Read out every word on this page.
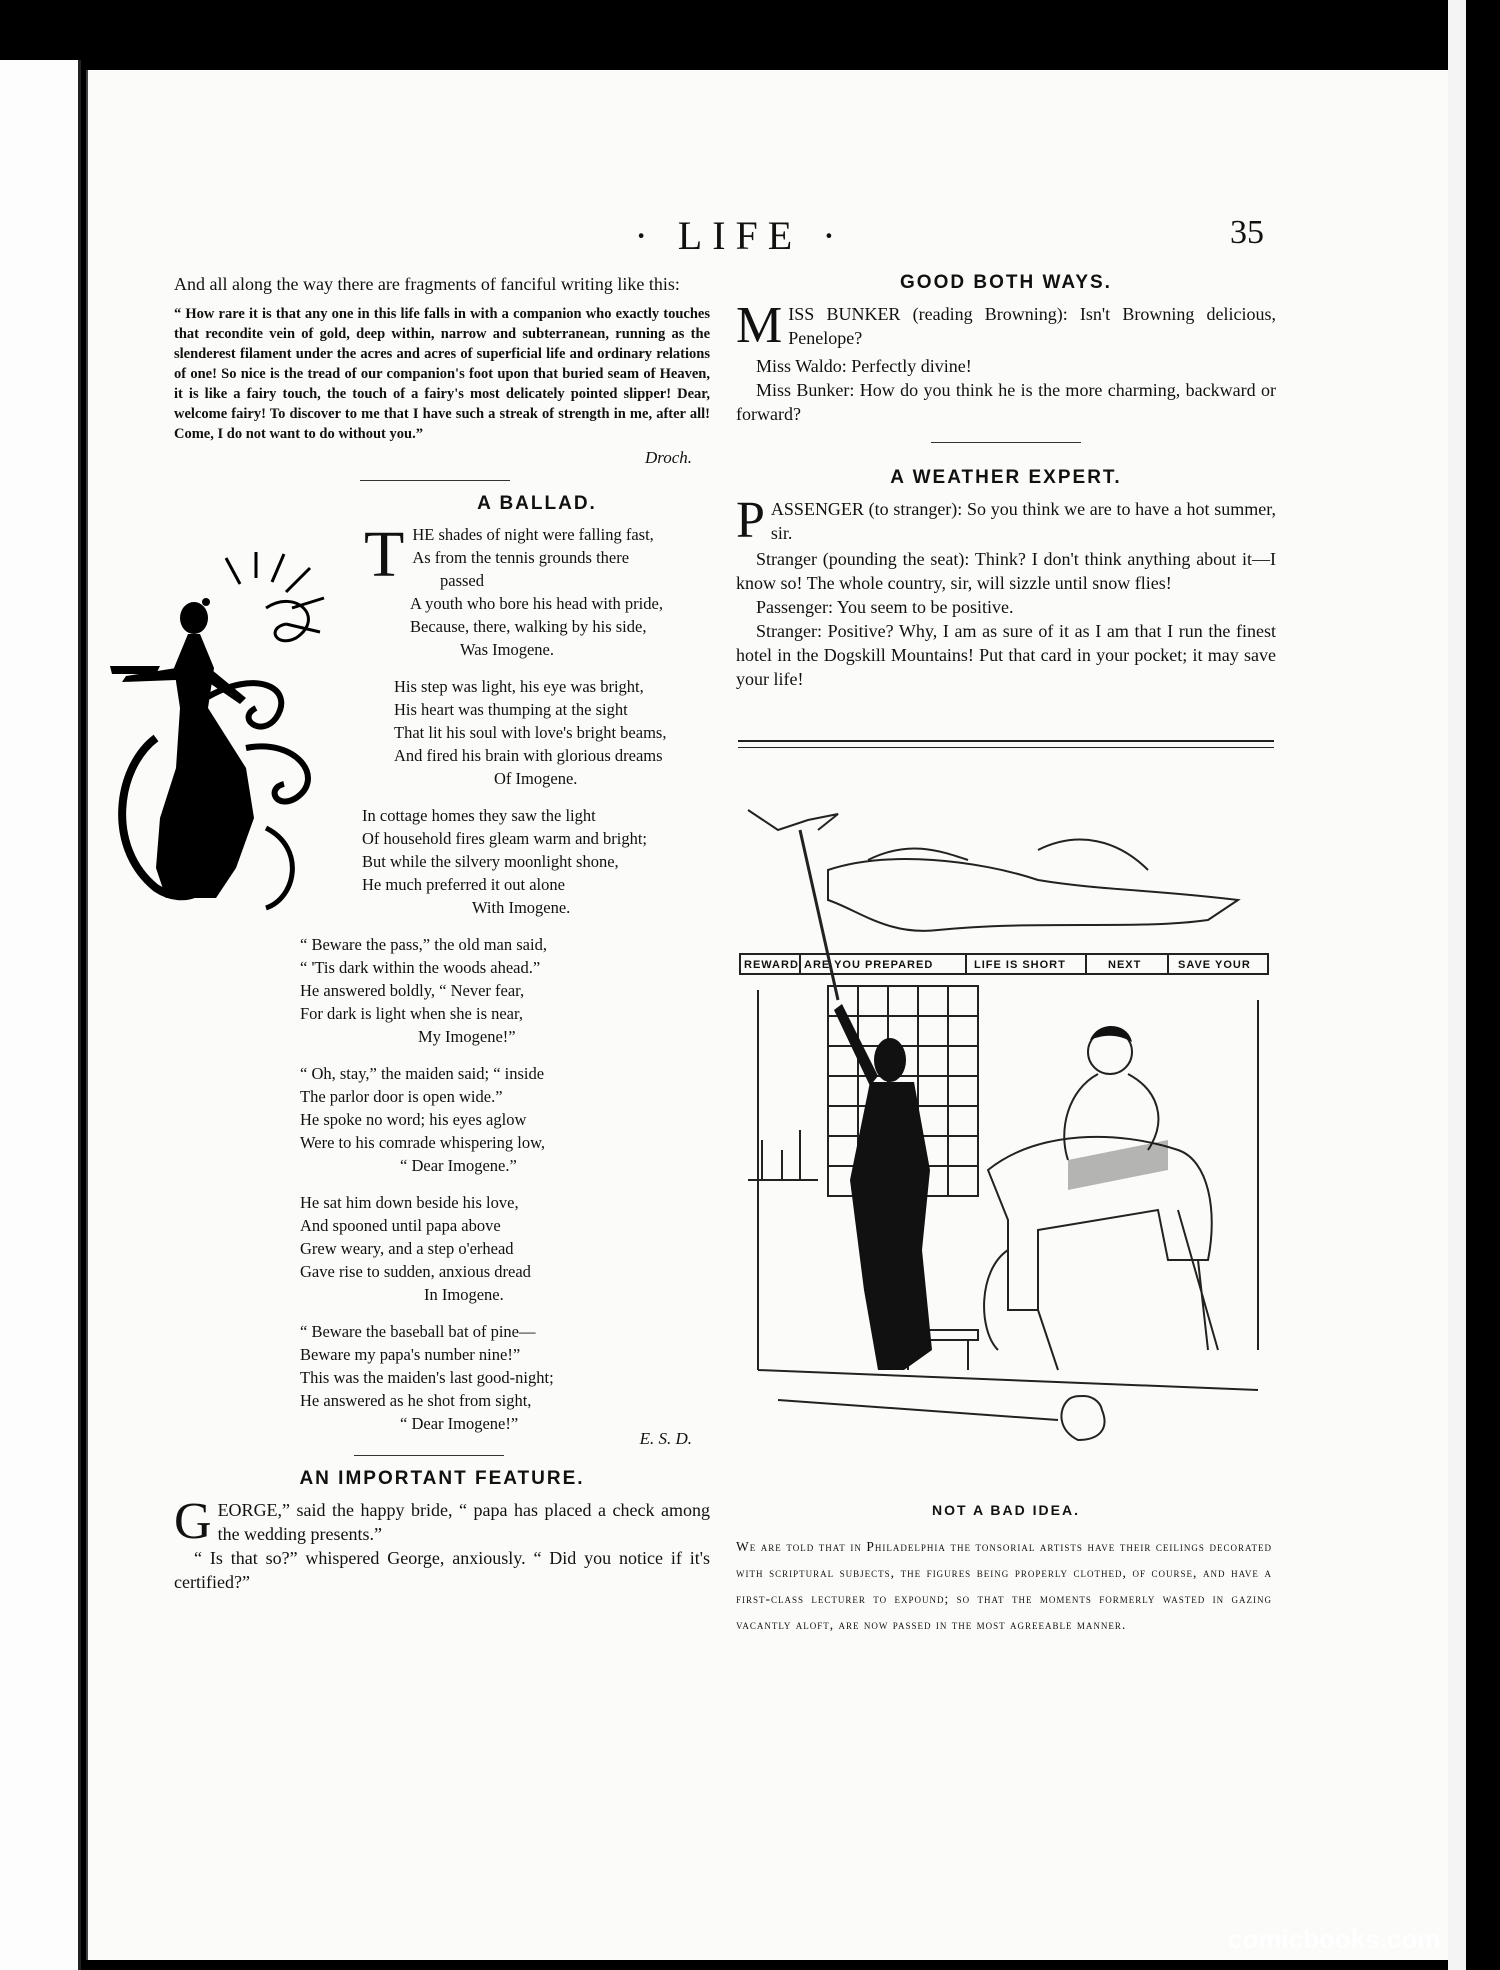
· LIFE ·	35

And all along the way there are fragments of fanciful writing like this:

“ How rare it is that any one in this life falls in with a companion who exactly touches that recondite vein of gold, deep within, narrow and subterranean, running as the slenderest filament under the acres and acres of superficial life and ordinary relations of one! So nice is the tread of our companion's foot upon that buried seam of Heaven, it is like a fairy touch, the touch of a fairy's most delicately pointed slipper! Dear, welcome fairy! To discover to me that I have such a streak of strength in me, after all! Come, I do not want to do without you.”

Droch.
A BALLAD.
T HE shades of night were falling fast,
As from the tennis grounds there
passed
A youth who bore his head with pride,
Because, there, walking by his side,
Was Imogene.
His step was light, his eye was bright,
His heart was thumping at the sight
That lit his soul with love's bright beams,
And fired his brain with glorious dreams
Of Imogene.
In cottage homes they saw the light
Of household fires gleam warm and bright;
But while the silvery moonlight shone,
He much preferred it out alone
With Imogene.
“ Beware the pass,” the old man said,
“ 'Tis dark within the woods ahead.”
He answered boldly, “ Never fear,
For dark is light when she is near,
My Imogene!”
“ Oh, stay,” the maiden said; “ inside
The parlor door is open wide.”
He spoke no word; his eyes aglow
Were to his comrade whispering low,
“ Dear Imogene.”
He sat him down beside his love,
And spooned until papa above
Grew weary, and a step o'erhead
Gave rise to sudden, anxious dread
In Imogene.
“ Beware the baseball bat of pine—
Beware my papa's number nine!”
This was the maiden's last good-night;
He answered as he shot from sight,
“ Dear Imogene!”
E. S. D.
AN IMPORTANT FEATURE.

G EORGE,” said the happy bride, “ papa has placed a check among the wedding presents.”

“ Is that so?” whispered George, anxiously. “ Did you notice if it's certified?”

GOOD BOTH WAYS.

M ISS BUNKER (reading Browning): Isn't Browning delicious, Penelope?

Miss Waldo: Perfectly divine!

Miss Bunker: How do you think he is the more charming, backward or forward?

A WEATHER EXPERT.

P ASSENGER (to stranger): So you think we are to have a hot summer, sir.

Stranger (pounding the seat): Think? I don't think anything about it—I know so! The whole country, sir, will sizzle until snow flies!

Passenger: You seem to be positive.

Stranger: Positive? Why, I am as sure of it as I am that I run the finest hotel in the Dogskill Mountains! Put that card in your pocket; it may save your life!

REWARD ARE YOU PREPARED	LIFE IS SHORT	NEXT	SAVE YOUR
NOT A BAD IDEA.
We are told that in Philadelphia the tonsorial artists have their ceilings decorated with scriptural subjects, the figures being properly clothed, of course, and have a first-class lecturer to expound; so that the moments formerly wasted in gazing vacantly aloft, are now passed in the most agreeable manner.
comicbooks.com
